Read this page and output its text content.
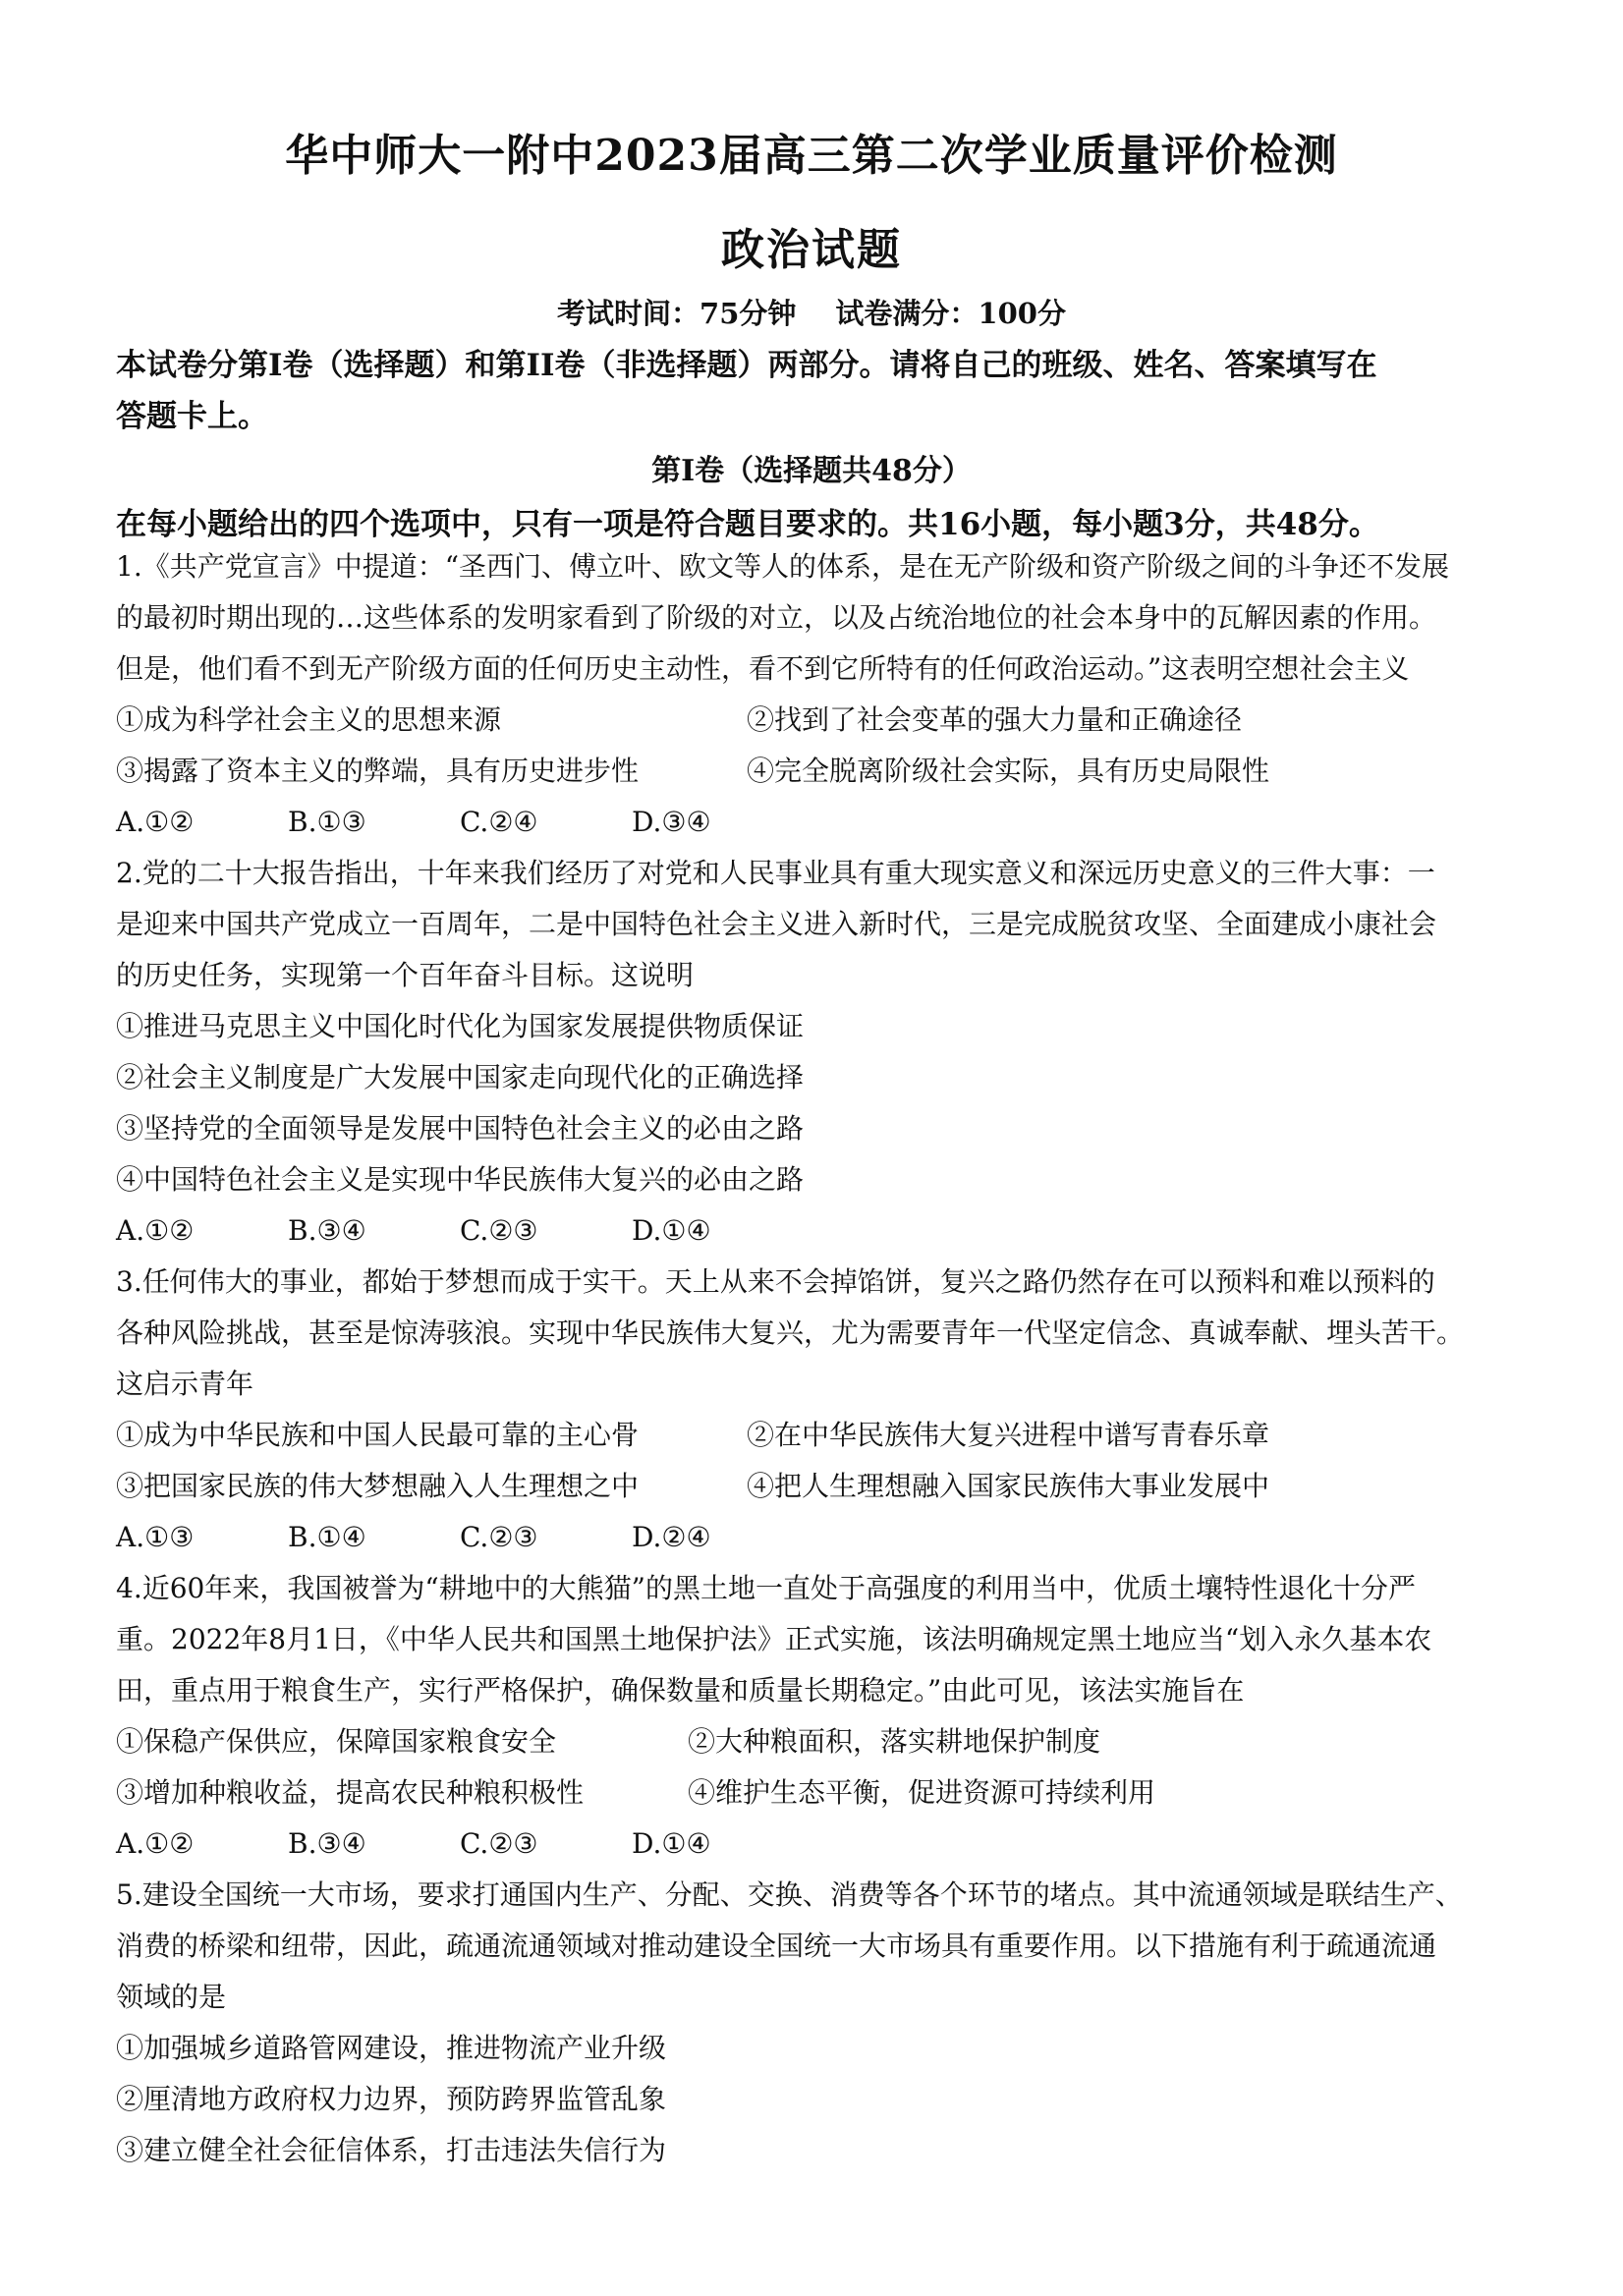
华中师大一附中2023届高三第二次学业质量评价检测
政治试题
考试时间：75分钟 试卷满分：100分
本试卷分第Ⅰ卷（选择题）和第II卷（非选择题）两部分。请将自己的班级、姓名、答案填写在
答题卡上。
第Ⅰ卷（选择题共48分）
在每小题给出的四个选项中，只有一项是符合题目要求的。共16小题，每小题3分，共48分。
1.《共产党宣言》中提道：“圣西门、傅立叶、欧文等人的体系，是在无产阶级和资产阶级之间的斗争还不发展
的最初时期出现的…这些体系的发明家看到了阶级的对立，以及占统治地位的社会本身中的瓦解因素的作用。
但是，他们看不到无产阶级方面的任何历史主动性，看不到它所特有的任何政治运动。”这表明空想社会主义
①成为科学社会主义的思想来源	②找到了社会变革的强大力量和正确途径
③揭露了资本主义的弊端，具有历史进步性	④完全脱离阶级社会实际，具有历史局限性
A.①②	B.①③	C.②④	D.③④
2.党的二十大报告指出，十年来我们经历了对党和人民事业具有重大现实意义和深远历史意义的三件大事：一
是迎来中国共产党成立一百周年，二是中国特色社会主义进入新时代，三是完成脱贫攻坚、全面建成小康社会
的历史任务，实现第一个百年奋斗目标。这说明
①推进马克思主义中国化时代化为国家发展提供物质保证
②社会主义制度是广大发展中国家走向现代化的正确选择
③坚持党的全面领导是发展中国特色社会主义的必由之路
④中国特色社会主义是实现中华民族伟大复兴的必由之路
A.①②	B.③④	C.②③	D.①④
3.任何伟大的事业，都始于梦想而成于实干。天上从来不会掉馅饼，复兴之路仍然存在可以预料和难以预料的
各种风险挑战，甚至是惊涛骇浪。实现中华民族伟大复兴，尤为需要青年一代坚定信念、真诚奉献、埋头苦干。
这启示青年
①成为中华民族和中国人民最可靠的主心骨	②在中华民族伟大复兴进程中谱写青春乐章
③把国家民族的伟大梦想融入人生理想之中	④把人生理想融入国家民族伟大事业发展中
A.①③	B.①④	C.②③	D.②④
4.近60年来，我国被誉为“耕地中的大熊猫”的黑土地一直处于高强度的利用当中，优质土壤特性退化十分严
重。2022年8月1日，《中华人民共和国黑土地保护法》正式实施，该法明确规定黑土地应当“划入永久基本农
田，重点用于粮食生产，实行严格保护，确保数量和质量长期稳定。”由此可见，该法实施旨在
①保稳产保供应，保障国家粮食安全	②大种粮面积，落实耕地保护制度
③增加种粮收益，提高农民种粮积极性	④维护生态平衡，促进资源可持续利用
A.①②	B.③④	C.②③	D.①④
5.建设全国统一大市场，要求打通国内生产、分配、交换、消费等各个环节的堵点。其中流通领域是联结生产、
消费的桥梁和纽带，因此，疏通流通领域对推动建设全国统一大市场具有重要作用。以下措施有利于疏通流通
领域的是
①加强城乡道路管网建设，推进物流产业升级
②厘清地方政府权力边界，预防跨界监管乱象
③建立健全社会征信体系，打击违法失信行为
